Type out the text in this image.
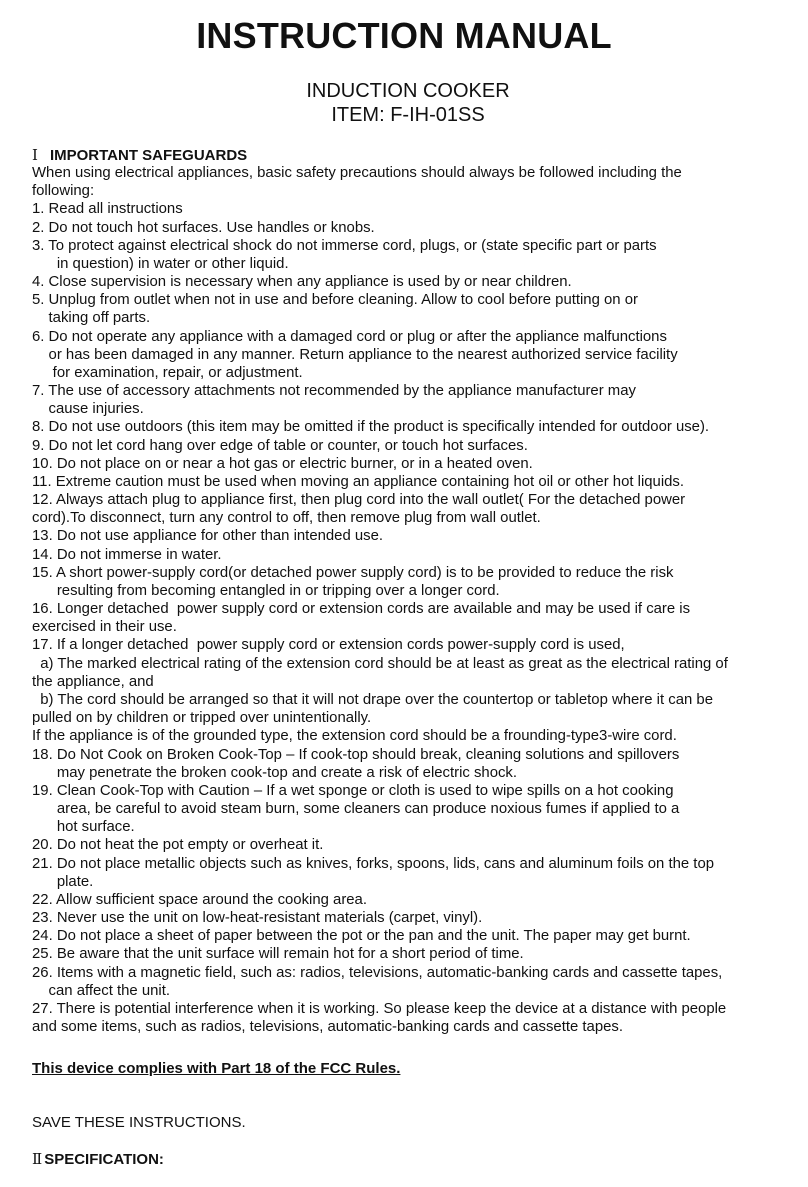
INSTRUCTION MANUAL
INDUCTION COOKER
ITEM: F-IH-01SS
Ⅰ IMPORTANT SAFEGUARDS
When using electrical appliances, basic safety precautions should always be followed including the
following:
1. Read all instructions
2. Do not touch hot surfaces. Use handles or knobs.
3. To protect against electrical shock do not immerse cord, plugs, or (state specific part or parts
in question) in water or other liquid.
4. Close supervision is necessary when any appliance is used by or near children.
5. Unplug from outlet when not in use and before cleaning. Allow to cool before putting on or
taking off parts.
6. Do not operate any appliance with a damaged cord or plug or after the appliance malfunctions
or has been damaged in any manner. Return appliance to the nearest authorized service facility
for examination, repair, or adjustment.
7. The use of accessory attachments not recommended by the appliance manufacturer may
cause injuries.
8. Do not use outdoors (this item may be omitted if the product is specifically intended for outdoor use).
9. Do not let cord hang over edge of table or counter, or touch hot surfaces.
10. Do not place on or near a hot gas or electric burner, or in a heated oven.
11. Extreme caution must be used when moving an appliance containing hot oil or other hot liquids.
12. Always attach plug to appliance first, then plug cord into the wall outlet( For the detached power
cord).To disconnect, turn any control to off, then remove plug from wall outlet.
13. Do not use appliance for other than intended use.
14. Do not immerse in water.
15. A short power-supply cord(or detached power supply cord) is to be provided to reduce the risk
resulting from becoming entangled in or tripping over a longer cord.
16. Longer detached  power supply cord or extension cords are available and may be used if care is
exercised in their use.
17. If a longer detached  power supply cord or extension cords power-supply cord is used,
a) The marked electrical rating of the extension cord should be at least as great as the electrical rating of
the appliance, and
b) The cord should be arranged so that it will not drape over the countertop or tabletop where it can be
pulled on by children or tripped over unintentionally.
If the appliance is of the grounded type, the extension cord should be a frounding-type3-wire cord.
18. Do Not Cook on Broken Cook-Top – If cook-top should break, cleaning solutions and spillovers
may penetrate the broken cook-top and create a risk of electric shock.
19. Clean Cook-Top with Caution – If a wet sponge or cloth is used to wipe spills on a hot cooking
area, be careful to avoid steam burn, some cleaners can produce noxious fumes if applied to a
hot surface.
20. Do not heat the pot empty or overheat it.
21. Do not place metallic objects such as knives, forks, spoons, lids, cans and aluminum foils on the top
plate.
22. Allow sufficient space around the cooking area.
23. Never use the unit on low-heat-resistant materials (carpet, vinyl).
24. Do not place a sheet of paper between the pot or the pan and the unit. The paper may get burnt.
25. Be aware that the unit surface will remain hot for a short period of time.
26. Items with a magnetic field, such as: radios, televisions, automatic-banking cards and cassette tapes,
can affect the unit.
27. There is potential interference when it is working. So please keep the device at a distance with people
and some items, such as radios, televisions, automatic-banking cards and cassette tapes.
This device complies with Part 18 of the FCC Rules.
SAVE THESE INSTRUCTIONS.
Ⅱ SPECIFICATION:
